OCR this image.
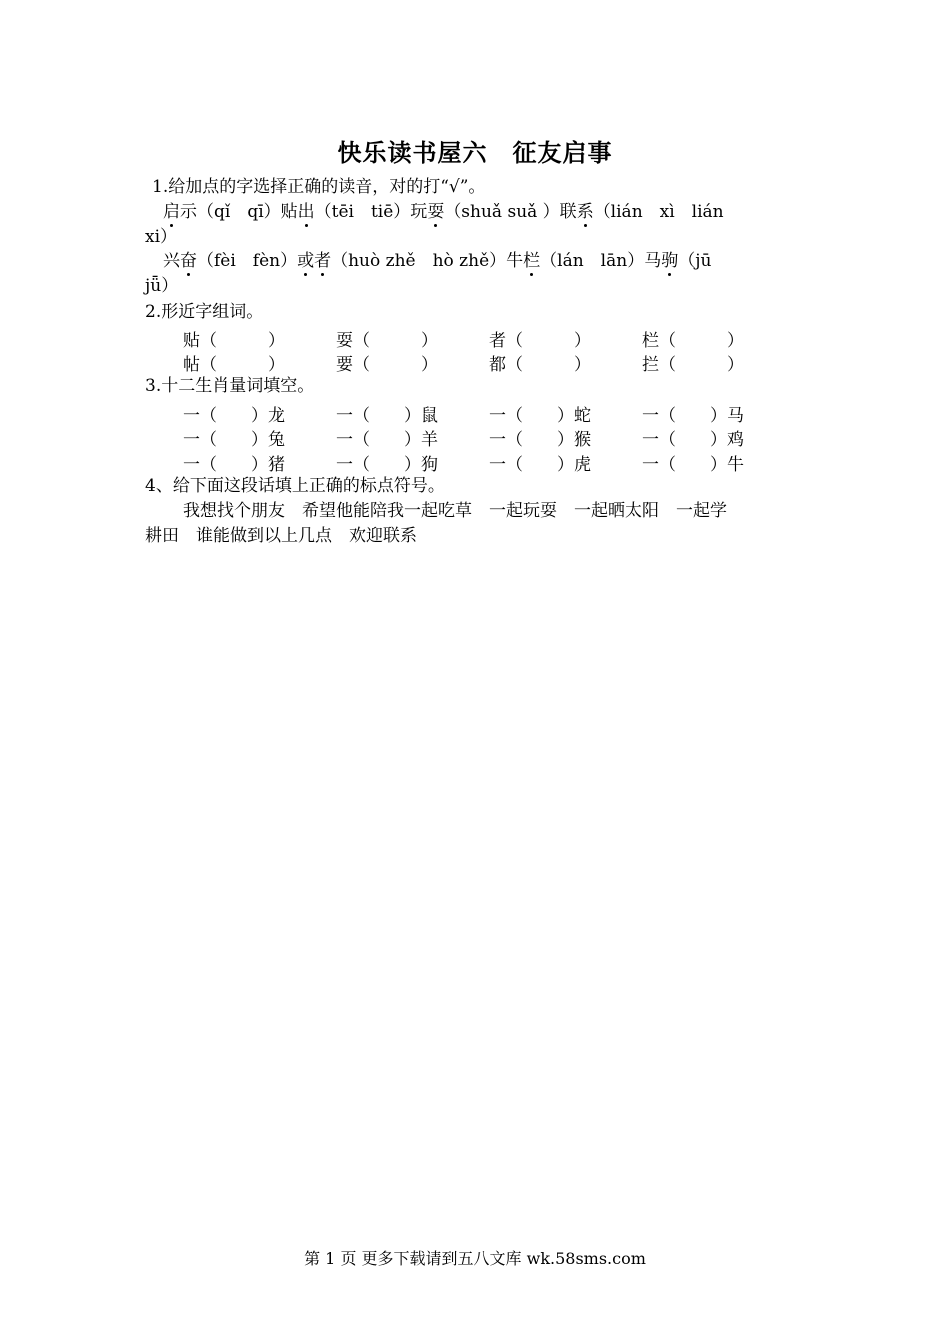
快乐读书屋六　征友启事
1.给加点的字选择正确的读音，对的打“√”。
启示（qǐ　qī）贴出（tēi　tiē）玩耍（shuǎ suǎ ）联系（lián　xì　lián
xi）
兴奋（fèi　fèn）或者（huò zhě　hò zhě）牛栏（lán　lān）马驹（jū
jǖ）
2.形近字组词。
贴（　　　）	耍（　　　）	者（　　　）	栏（　　　）
帖（　　　）	要（　　　）	都（　　　）	拦（　　　）
3.十二生肖量词填空。
一（　　）龙	一（　　）鼠	一（　　）蛇	一（　　）马
一（　　）兔	一（　　）羊	一（　　）猴	一（　　）鸡
一（　　）猪	一（　　）狗	一（　　）虎	一（　　）牛
4、给下面这段话填上正确的标点符号。
我想找个朋友　希望他能陪我一起吃草　一起玩耍　一起晒太阳　一起学
耕田　谁能做到以上几点　欢迎联系
第 1 页 更多下载请到五八文库 wk.58sms.com
